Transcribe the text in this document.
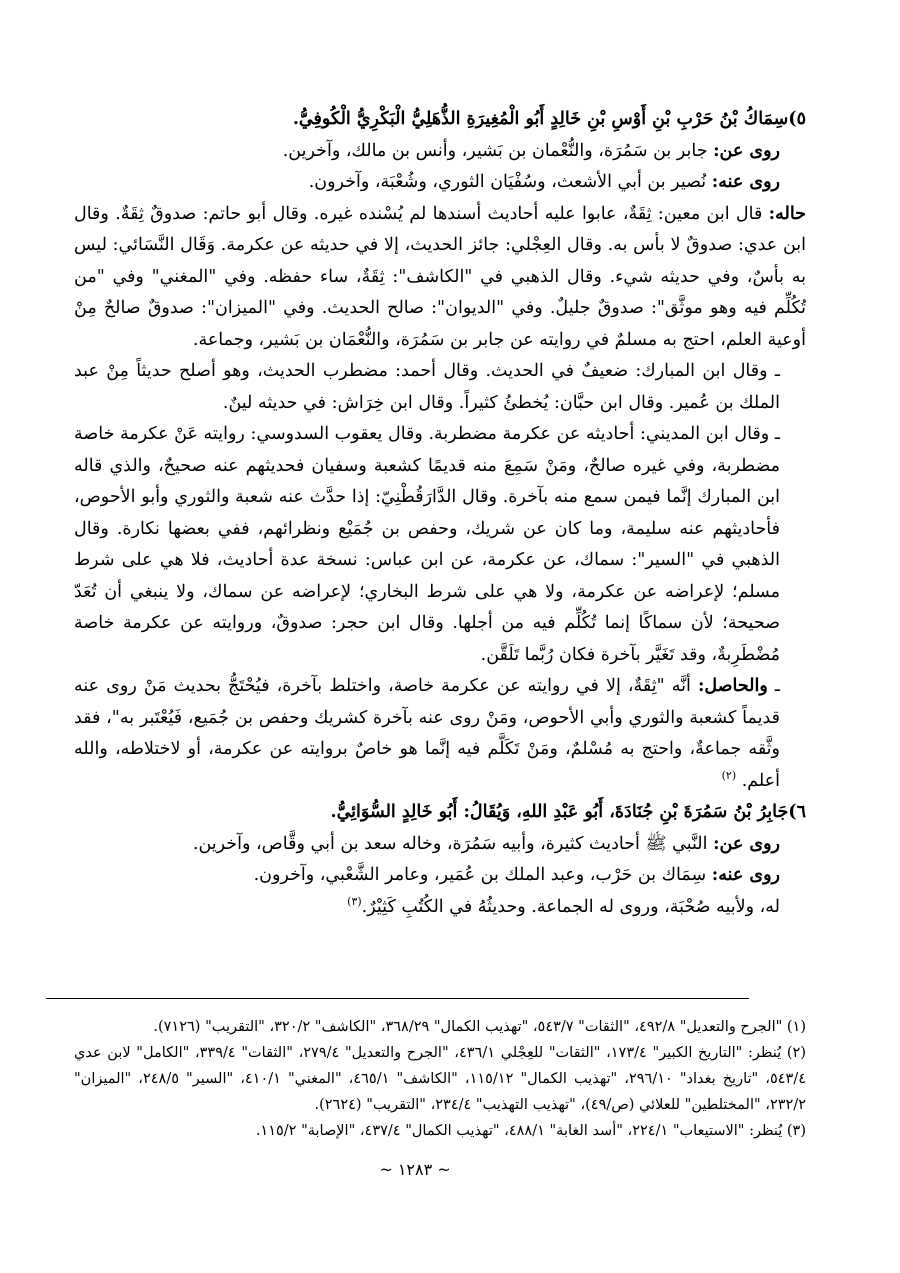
٥)سِمَاكُ بْنُ حَرْبِ بْنِ أَوْسِ بْنِ خَالِدٍ أَبُو الْمُغِيرَةِ الذُّهَلِيُّ الْبَكْرِيُّ الْكُوفِيُّ.

روى عن: جابر بن سَمُرَة، والنُّعْمان بن بَشير، وأنس بن مالك، وآخرين.

روى عنه: نُصير بن أبي الأشعث، وسُفْيَان الثوري، وشُعْبَة، وآخرون.

حاله: قال ابن معين: ثِقَةٌ، عابوا عليه أحاديث أسندها لم يُسْنده غيره. وقال أبو حاتم: صدوقٌ ثِقَةٌ. وقال ابن عدي: صدوقٌ لا بأس به. وقال العِجْلي: جائز الحديث، إلا في حديثه عن عكرمة. وَقَال النَّسَائي: ليس به بأسٌ، وفي حديثه شيء. وقال الذهبي في "الكاشف": ثِقَةٌ، ساء حفظه. وفي "المغني" وفي "من تُكُلِّم فيه وهو موثَّق": صدوقٌ جليلٌ. وفي "الديوان": صالح الحديث. وفي "الميزان": صدوقٌ صالحٌ مِنْ أوعية العلم، احتج به مسلمٌ في روايته عن جابر بن سَمُرَة، والنُّعْمَان بن بَشير، وجماعة.

ـ وقال ابن المبارك: ضعيفٌ في الحديث. وقال أحمد: مضطرب الحديث، وهو أصلح حديثاً مِنْ عبد الملك بن عُمير. وقال ابن حبَّان: يُخطئُ كثيراً. وقال ابن خِرَاش: في حديثه لينٌ.

ـ وقال ابن المديني: أحاديثه عن عكرمة مضطربة. وقال يعقوب السدوسي: روايته عَنْ عكرمة خاصة مضطربة، وفي غيره صالحٌ، ومَنْ سَمِعَ منه قديمًا كشعبة وسفيان فحديثهم عنه صحيحٌ، والذي قاله ابن المبارك إنَّما فيمن سمع منه بآخرة. وقال الدَّارَقُطْنِيّ: إذا حدَّث عنه شعبة والثوري وأبو الأحوص، فأحاديثهم عنه سليمة، وما كان عن شريك، وحفص بن جُمَيْع ونظرائهم، ففي بعضها نكارة. وقال الذهبي في "السير": سماك، عن عكرمة، عن ابن عباس: نسخة عدة أحاديث، فلا هي على شرط مسلم؛ لإعراضه عن عكرمة، ولا هي على شرط البخاري؛ لإعراضه عن سماك، ولا ينبغي أن تُعَدّ صحيحة؛ لأن سماكًا إنما تُكُلِّم فيه من أجلها. وقال ابن حجر: صدوقٌ، وروايته عن عكرمة خاصة مُضْطَرِبةٌ، وقد تَغَيَّر بآخرة فكان رُبَّما تَلَقَّن.

ـ والحاصل: أنَّه "ثِقَةٌ، إلا في روايته عن عكرمة خاصة، واختلط بآخرة، فيُحْتَجُّ بحديث مَنْ روى عنه قديماً كشعبة والثوري وأبي الأحوص، ومَنْ روى عنه بآخرة كشريك وحفص بن جُمَيع، فَيُعْتَبر به"، فقد وثَّقه جماعةٌ، واحتج به مُسْلمٌ، ومَنْ تَكَلَّم فيه إنَّما هو خاصٌ بروايته عن عكرمة، أو لاختلاطه، والله أعلم. $^{(٢)}$

٦)جَابِرُ بْنُ سَمُرَةَ بْنِ جُنَادَةَ، أَبُو عَبْدِ اللهِ، وَيُقَالُ: أَبُو خَالِدٍ السُّوَائِيُّ.

روى عن: النَّبي ﷺ أحاديث كثيرة، وأبيه سَمُرَة، وخاله سعد بن أبي وقَّاص، وآخرين.

روى عنه: سِمَاك بن حَرْب، وعبد الملك بن عُمَير، وعامر الشَّعْبي، وآخرون.

له، ولأبيه صُحْبَة، وروى له الجماعة. وحديثُهُ في الكُتُبِ كَثِيْرٌ.$^{(٣)}$

(١) "الجرح والتعديل" ٤٩٢/٨، "الثقات" ٥٤٣/٧، "تهذيب الكمال" ٣٦٨/٢٩، "الكاشف" ٣٢٠/٢، "التقريب" (٧١٢٦).

(٢) يُنظر: "التاريخ الكبير" ١٧٣/٤، "الثقات" للعِجْلي ٤٣٦/١، "الجرح والتعديل" ٢٧٩/٤، "الثقات" ٣٣٩/٤، "الكامل" لابن عدي ٥٤٣/٤، "تاريخ بغداد" ٢٩٦/١٠، "تهذيب الكمال" ١١٥/١٢، "الكاشف" ٤٦٥/١، "المغني" ٤١٠/١، "السير" ٢٤٨/٥، "الميزان" ٢٣٢/٢، "المختلطين" للعلائي (ص/٤٩)، "تهذيب التهذيب" ٢٣٤/٤، "التقريب" (٢٦٢٤).

(٣) يُنظر: "الاستيعاب" ٢٢٤/١، "أسد الغابة" ٤٨٨/١، "تهذيب الكمال" ٤٣٧/٤، "الإصابة" ١١٥/٢.

~ ١٢٨٣ ~
